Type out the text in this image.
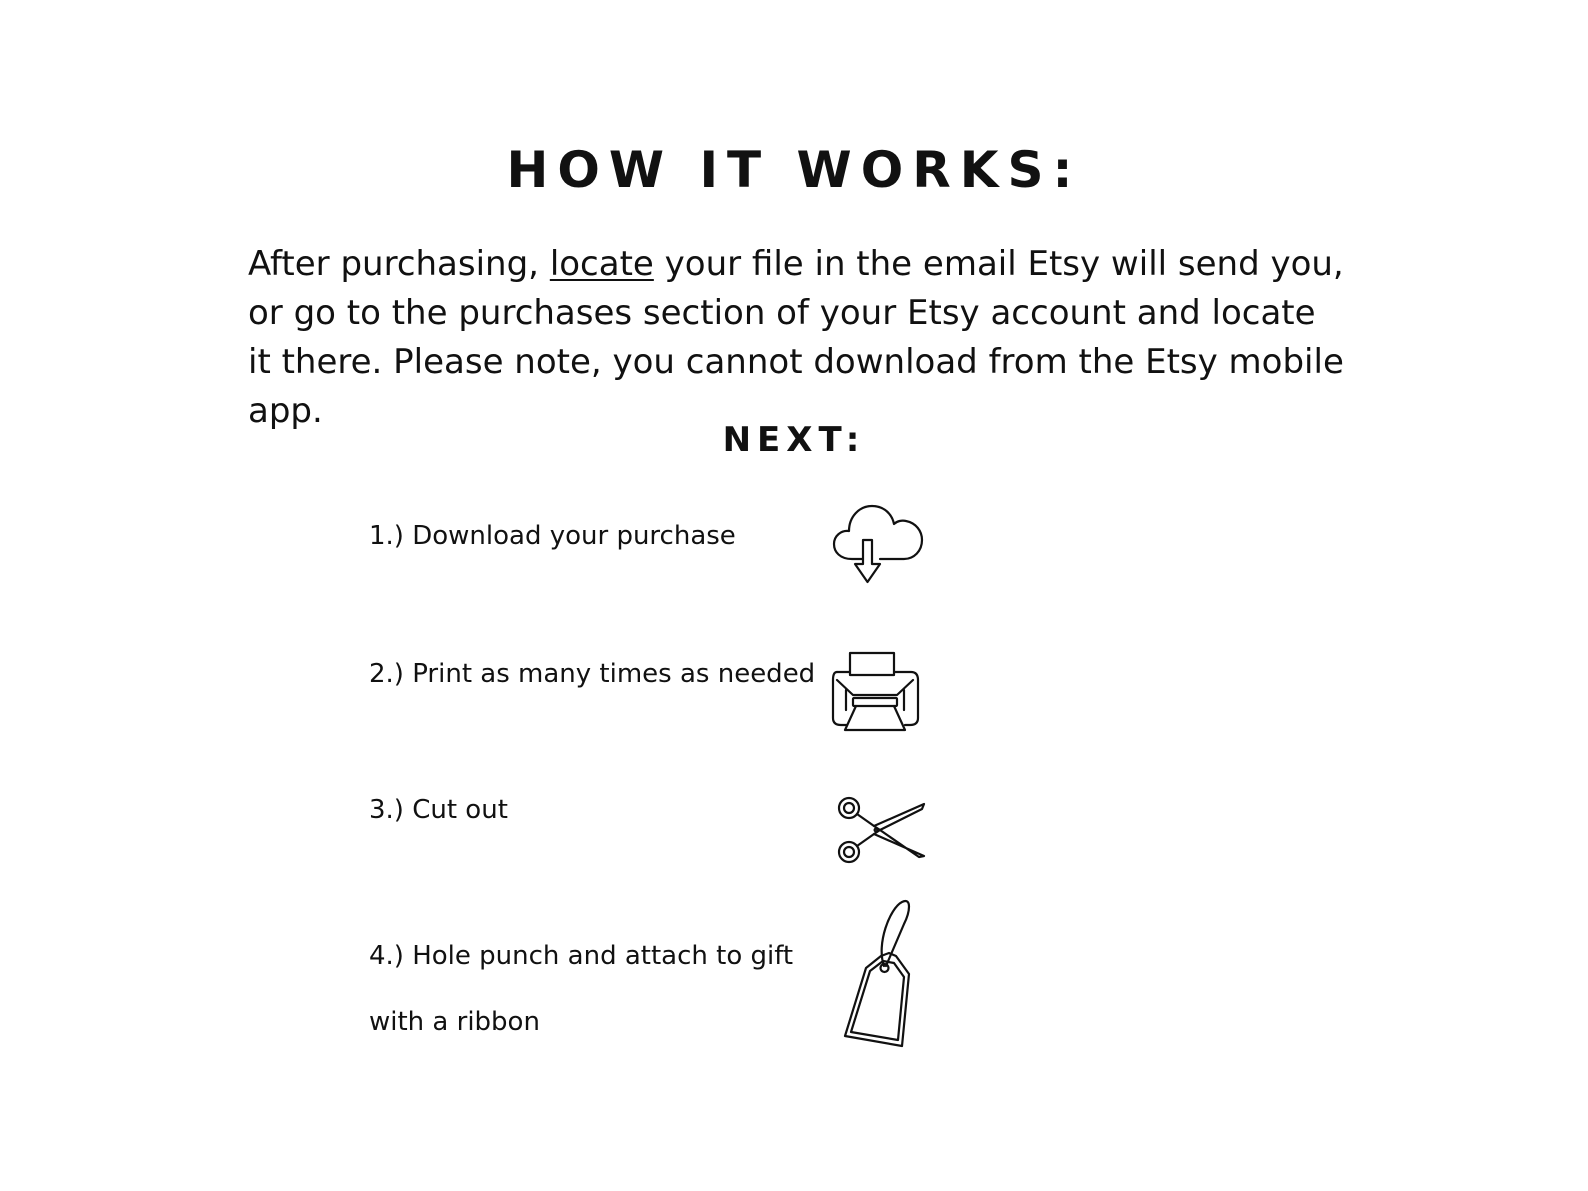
HOW IT WORKS:

After purchasing, locate your file in the email Etsy will send you, or go to the purchases section of your Etsy account and locate it there. Please note, you cannot download from the Etsy mobile app.

NEXT:

1.) Download your purchase

2.) Print as many times as needed

3.) Cut out

4.) Hole punch and attach to gift

with a ribbon
